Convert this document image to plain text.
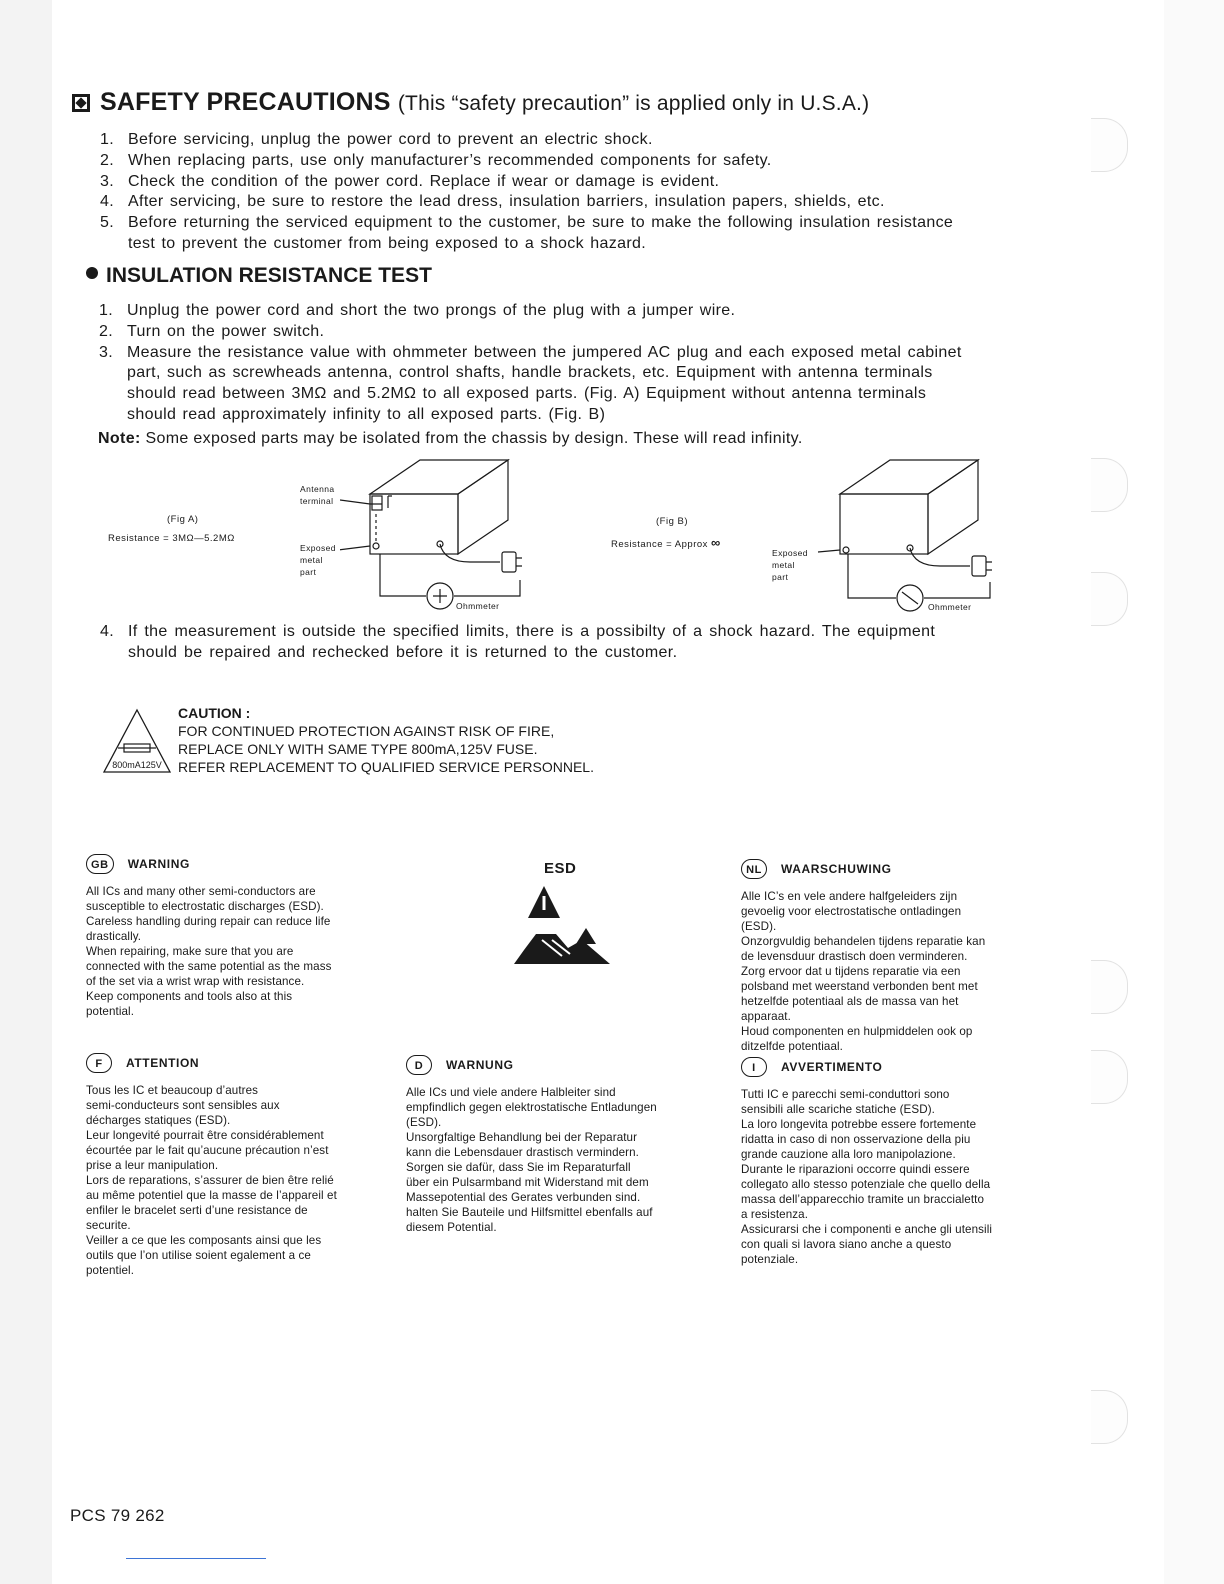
SAFETY PRECAUTIONS (This “safety precaution” is applied only in U.S.A.)
1. Before servicing, unplug the power cord to prevent an electric shock.
2. When replacing parts, use only manufacturer’s recommended components for safety.
3. Check the condition of the power cord. Replace if wear or damage is evident.
4. After servicing, be sure to restore the lead dress, insulation barriers, insulation papers, shields, etc.
5. Before returning the serviced equipment to the customer, be sure to make the following insulation resistance
test to prevent the customer from being exposed to a shock hazard.
INSULATION RESISTANCE TEST
1. Unplug the power cord and short the two prongs of the plug with a jumper wire.
2. Turn on the power switch.
3. Measure the resistance value with ohmmeter between the jumpered AC plug and each exposed metal cabinet
part, such as screwheads antenna, control shafts, handle brackets, etc. Equipment with antenna terminals
should read between 3MΩ and 5.2MΩ to all exposed parts. (Fig. A) Equipment without antenna terminals
should read approximately infinity to all exposed parts. (Fig. B)

Note: Some exposed parts may be isolated from the chassis by design. These will read infinity.

(Fig A)
Resistance = 3MΩ—5.2MΩ
Antenna
terminal
Exposed
metal
part
Ohmmeter
(Fig B)
Resistance = Approx ∞
Exposed
metal
part
Ohmmeter
4. If the measurement is outside the specified limits, there is a possibilty of a shock hazard. The equipment
should be repaired and rechecked before it is returned to the customer.
800mA125V
CAUTION :
FOR CONTINUED PROTECTION AGAINST RISK OF FIRE,
REPLACE ONLY WITH SAME TYPE 800mA,125V FUSE.
REFER REPLACEMENT TO QUALIFIED SERVICE PERSONNEL.
ESD
GB	WARNING
All ICs and many other semi-conductors are
susceptible to electrostatic discharges (ESD).
Careless handling during repair can reduce life
drastically.
When repairing, make sure that you are
connected with the same potential as the mass
of the set via a wrist wrap with resistance.
Keep components and tools also at this
potential.
NL	WAARSCHUWING
Alle IC’s en vele andere halfgeleiders zijn
gevoelig voor electrostatische ontladingen
(ESD).
Onzorgvuldig behandelen tijdens reparatie kan
de levensduur drastisch doen verminderen.
Zorg ervoor dat u tijdens reparatie via een
polsband met weerstand verbonden bent met
hetzelfde potentiaal als de massa van het
apparaat.
Houd componenten en hulpmiddelen ook op
ditzelfde potentiaal.
F	ATTENTION
Tous les IC et beaucoup d’autres
semi-conducteurs sont sensibles aux
décharges statiques (ESD).
Leur longevité pourrait être considérablement
écourtée par le fait qu’aucune précaution n’est
prise a leur manipulation.
Lors de reparations, s’assurer de bien être relié
au même potentiel que la masse de l’appareil et
enfiler le bracelet serti d’une resistance de
securite.
Veiller a ce que les composants ainsi que les
outils que l’on utilise soient egalement a ce
potentiel.
D	WARNUNG
Alle ICs und viele andere Halbleiter sind
empfindlich gegen elektrostatische Entladungen
(ESD).
Unsorgfaltige Behandlung bei der Reparatur
kann die Lebensdauer drastisch vermindern.
Sorgen sie dafür, dass Sie im Reparaturfall
über ein Pulsarmband mit Widerstand mit dem
Massepotential des Gerates verbunden sind.
halten Sie Bauteile und Hilfsmittel ebenfalls auf
diesem Potential.
I	AVVERTIMENTO
Tutti IC e parecchi semi-conduttori sono
sensibili alle scariche statiche (ESD).
La loro longevita potrebbe essere fortemente
ridatta in caso di non osservazione della piu
grande cauzione alla loro manipolazione.
Durante le riparazioni occorre quindi essere
collegato allo stesso potenziale che quello della
massa dell’apparecchio tramite un braccialetto
a resistenza.
Assicurarsi che i componenti e anche gli utensili
con quali si lavora siano anche a questo
potenziale.
PCS 79 262
